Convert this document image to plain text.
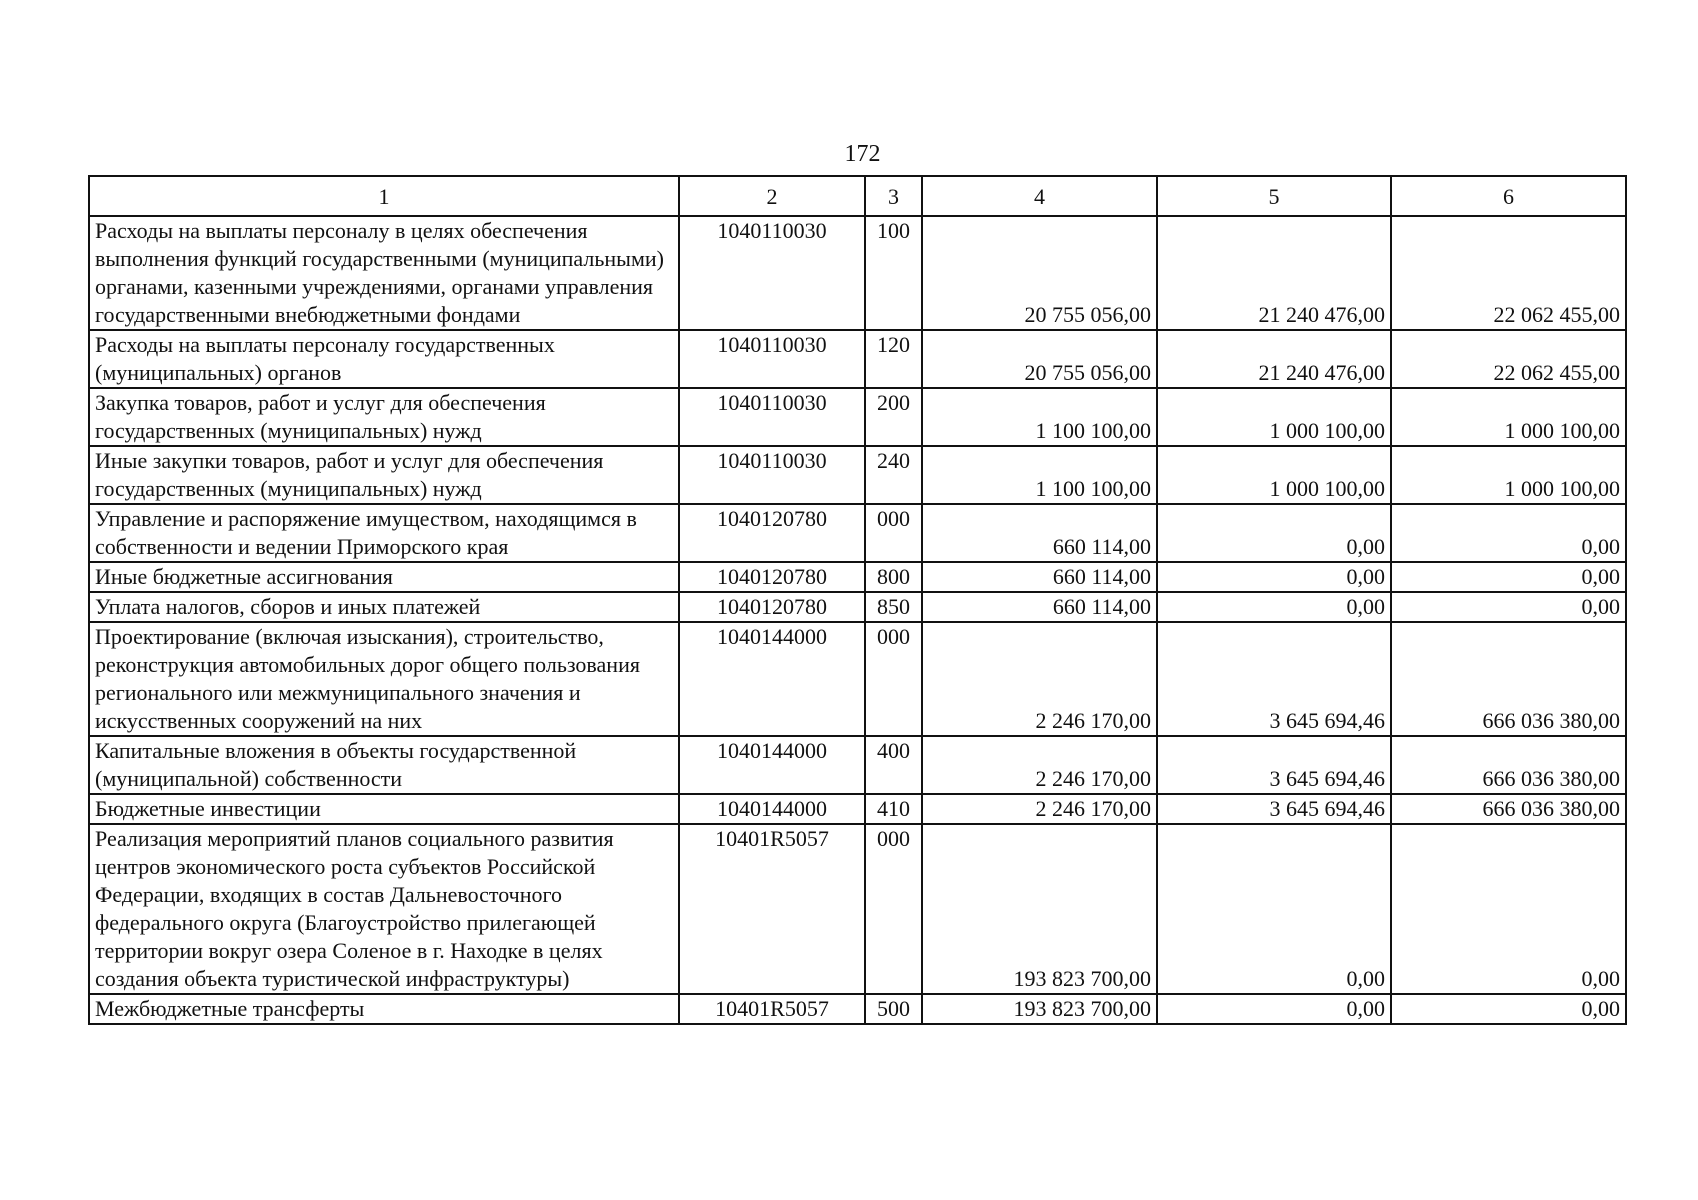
172
1	2	3	4	5	6
Расходы на выплаты персоналу в целях обеспечения выполнения функций государственными (муниципальными) органами, казенными учреждениями, органами управления государственными внебюджетными фондами	1040110030	100	20 755 056,00	21 240 476,00	22 062 455,00
Расходы на выплаты персоналу государственных (муниципальных) органов	1040110030	120	20 755 056,00	21 240 476,00	22 062 455,00
Закупка товаров, работ и услуг для обеспечения государственных (муниципальных) нужд	1040110030	200	1 100 100,00	1 000 100,00	1 000 100,00
Иные закупки товаров, работ и услуг для обеспечения государственных (муниципальных) нужд	1040110030	240	1 100 100,00	1 000 100,00	1 000 100,00
Управление и распоряжение имуществом, находящимся в собственности и ведении Приморского края	1040120780	000	660 114,00	0,00	0,00
Иные бюджетные ассигнования	1040120780	800	660 114,00	0,00	0,00
Уплата налогов, сборов и иных платежей	1040120780	850	660 114,00	0,00	0,00
Проектирование (включая изыскания), строительство, реконструкция автомобильных дорог общего пользования регионального или межмуниципального значения и искусственных сооружений на них	1040144000	000	2 246 170,00	3 645 694,46	666 036 380,00
Капитальные вложения в объекты государственной (муниципальной) собственности	1040144000	400	2 246 170,00	3 645 694,46	666 036 380,00
Бюджетные инвестиции	1040144000	410	2 246 170,00	3 645 694,46	666 036 380,00
Реализация мероприятий планов социального развития центров экономического роста субъектов Российской Федерации, входящих в состав Дальневосточного федерального округа (Благоустройство прилегающей территории вокруг озера Соленое в г. Находке в целях создания объекта туристической инфраструктуры)	10401R5057	000	193 823 700,00	0,00	0,00
Межбюджетные трансферты	10401R5057	500	193 823 700,00	0,00	0,00
